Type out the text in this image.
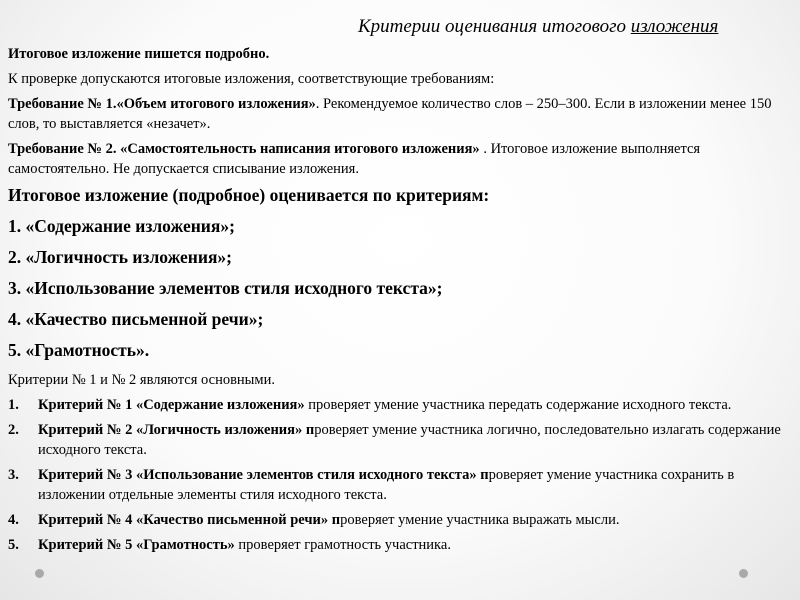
Критерии оценивания итогового изложения

Итоговое изложение пишется подробно.

К проверке допускаются итоговые изложения, соответствующие требованиям:

Требование № 1.«Объем итогового изложения». Рекомендуемое количество слов – 250–300. Если в изложении менее 150 слов, то выставляется «незачет».

Требование № 2. «Самостоятельность написания итогового изложения» . Итоговое изложение выполняется самостоятельно. Не допускается списывание изложения.

Итоговое изложение (подробное) оценивается по критериям:

1. «Содержание изложения»;

2. «Логичность изложения»;

3. «Использование элементов стиля исходного текста»;

4. «Качество письменной речи»;

5. «Грамотность».

Критерии № 1 и № 2 являются основными.

1. Критерий № 1 «Содержание изложения» проверяет умение участника передать содержание исходного текста.
2. Критерий № 2 «Логичность изложения» проверяет умение участника логично, последовательно излагать содержание исходного текста.
3. Критерий № 3 «Использование элементов стиля исходного текста» проверяет умение участника сохранить в изложении отдельные элементы стиля исходного текста.
4. Критерий № 4 «Качество письменной речи» проверяет умение участника выражать мысли.
5. Критерий № 5 «Грамотность» проверяет грамотность участника.
